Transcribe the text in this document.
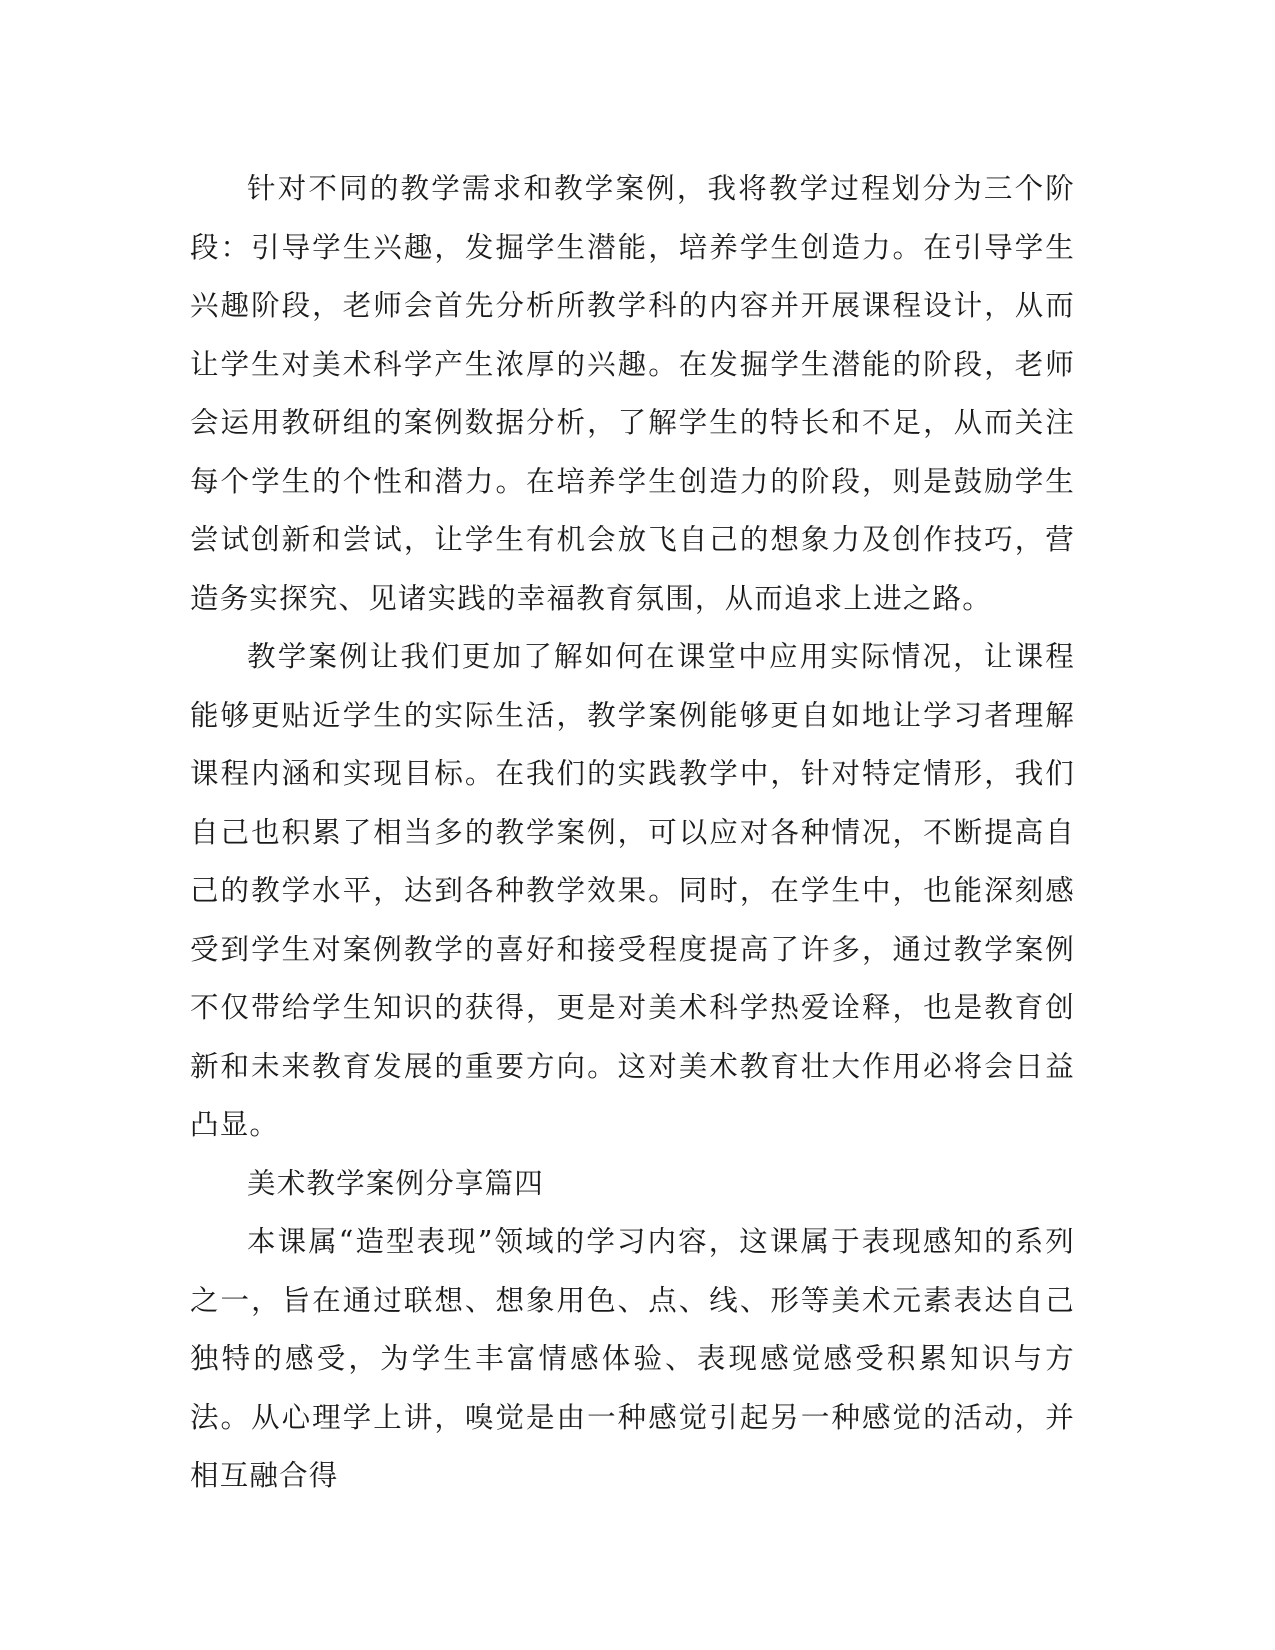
针对不同的教学需求和教学案例，我将教学过程划分为三个阶段：引导学生兴趣，发掘学生潜能，培养学生创造力。在引导学生兴趣阶段，老师会首先分析所教学科的内容并开展课程设计，从而让学生对美术科学产生浓厚的兴趣。在发掘学生潜能的阶段，老师会运用教研组的案例数据分析，了解学生的特长和不足，从而关注每个学生的个性和潜力。在培养学生创造力的阶段，则是鼓励学生尝试创新和尝试，让学生有机会放飞自己的想象力及创作技巧，营造务实探究、见诸实践的幸福教育氛围，从而追求上进之路。

教学案例让我们更加了解如何在课堂中应用实际情况，让课程能够更贴近学生的实际生活，教学案例能够更自如地让学习者理解课程内涵和实现目标。在我们的实践教学中，针对特定情形，我们自己也积累了相当多的教学案例，可以应对各种情况，不断提高自己的教学水平，达到各种教学效果。同时，在学生中，也能深刻感受到学生对案例教学的喜好和接受程度提高了许多，通过教学案例不仅带给学生知识的获得，更是对美术科学热爱诠释，也是教育创新和未来教育发展的重要方向。这对美术教育壮大作用必将会日益凸显。

美术教学案例分享篇四

本课属“造型表现”领域的学习内容，这课属于表现感知的系列之一，旨在通过联想、想象用色、点、线、形等美术元素表达自己独特的感受，为学生丰富情感体验、表现感觉感受积累知识与方法。从心理学上讲，嗅觉是由一种感觉引起另一种感觉的活动，并相互融合得
